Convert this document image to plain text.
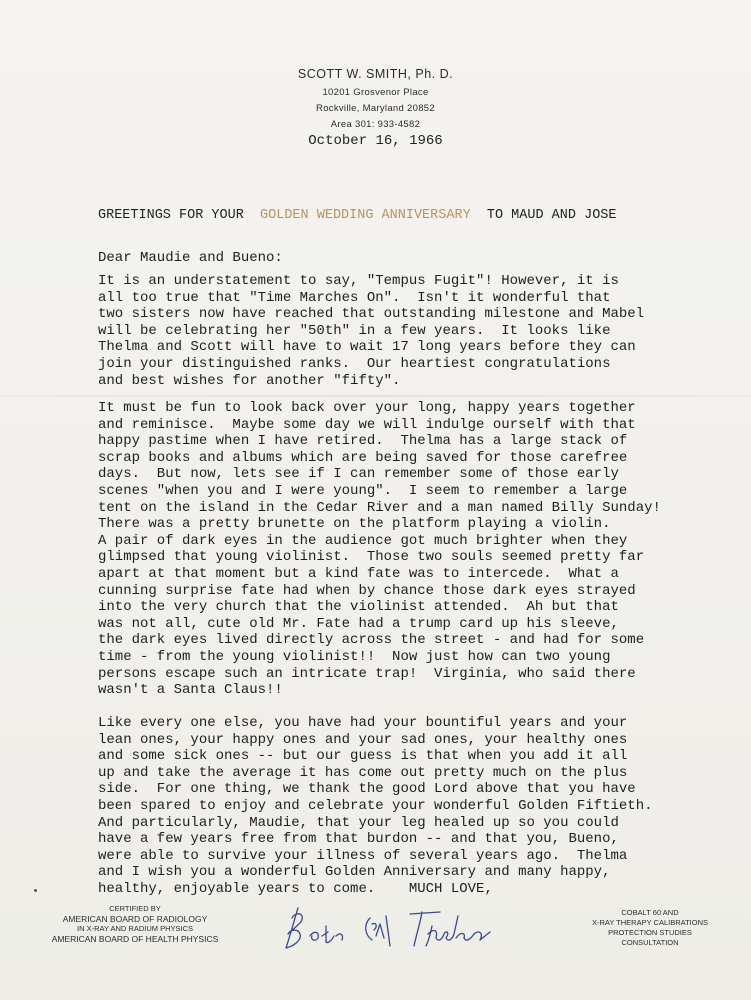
SCOTT W. SMITH, Ph. D.
10201 Grosvenor Place
Rockville, Maryland 20852
Area 301: 933-4582
October 16, 1966
GREETINGS FOR YOUR  GOLDEN WEDDING ANNIVERSARY  TO MAUD AND JOSE
Dear Maudie and Bueno:
It is an understatement to say, "Tempus Fugit"! However, it is
all too true that "Time Marches On".  Isn't it wonderful that
two sisters now have reached that outstanding milestone and Mabel
will be celebrating her "50th" in a few years.  It looks like
Thelma and Scott will have to wait 17 long years before they can
join your distinguished ranks.  Our heartiest congratulations
and best wishes for another "fifty".
It must be fun to look back over your long, happy years together
and reminisce.  Maybe some day we will indulge ourself with that
happy pastime when I have retired.  Thelma has a large stack of
scrap books and albums which are being saved for those carefree
days.  But now, lets see if I can remember some of those early
scenes "when you and I were young".  I seem to remember a large
tent on the island in the Cedar River and a man named Billy Sunday!
There was a pretty brunette on the platform playing a violin.
A pair of dark eyes in the audience got much brighter when they
glimpsed that young violinist.  Those two souls seemed pretty far
apart at that moment but a kind fate was to intercede.  What a
cunning surprise fate had when by chance those dark eyes strayed
into the very church that the violinist attended.  Ah but that
was not all, cute old Mr. Fate had a trump card up his sleeve,
the dark eyes lived directly across the street - and had for some
time - from the young violinist!!  Now just how can two young
persons escape such an intricate trap!  Virginia, who said there
wasn't a Santa Claus!!
Like every one else, you have had your bountiful years and your
lean ones, your happy ones and your sad ones, your healthy ones
and some sick ones -- but our guess is that when you add it all
up and take the average it has come out pretty much on the plus
side.  For one thing, we thank the good Lord above that you have
been spared to enjoy and celebrate your wonderful Golden Fiftieth.
And particularly, Maudie, that your leg healed up so you could
have a few years free from that burdon -- and that you, Bueno,
were able to survive your illness of several years ago.  Thelma
and I wish you a wonderful Golden Anniversary and many happy,
healthy, enjoyable years to come.    MUCH LOVE,
CERTIFIED BY
AMERICAN BOARD OF RADIOLOGY
IN X-RAY AND RADIUM PHYSICS
AMERICAN BOARD OF HEALTH PHYSICS
COBALT 60 AND
X-RAY THERAPY CALIBRATIONS
PROTECTION STUDIES
CONSULTATION
